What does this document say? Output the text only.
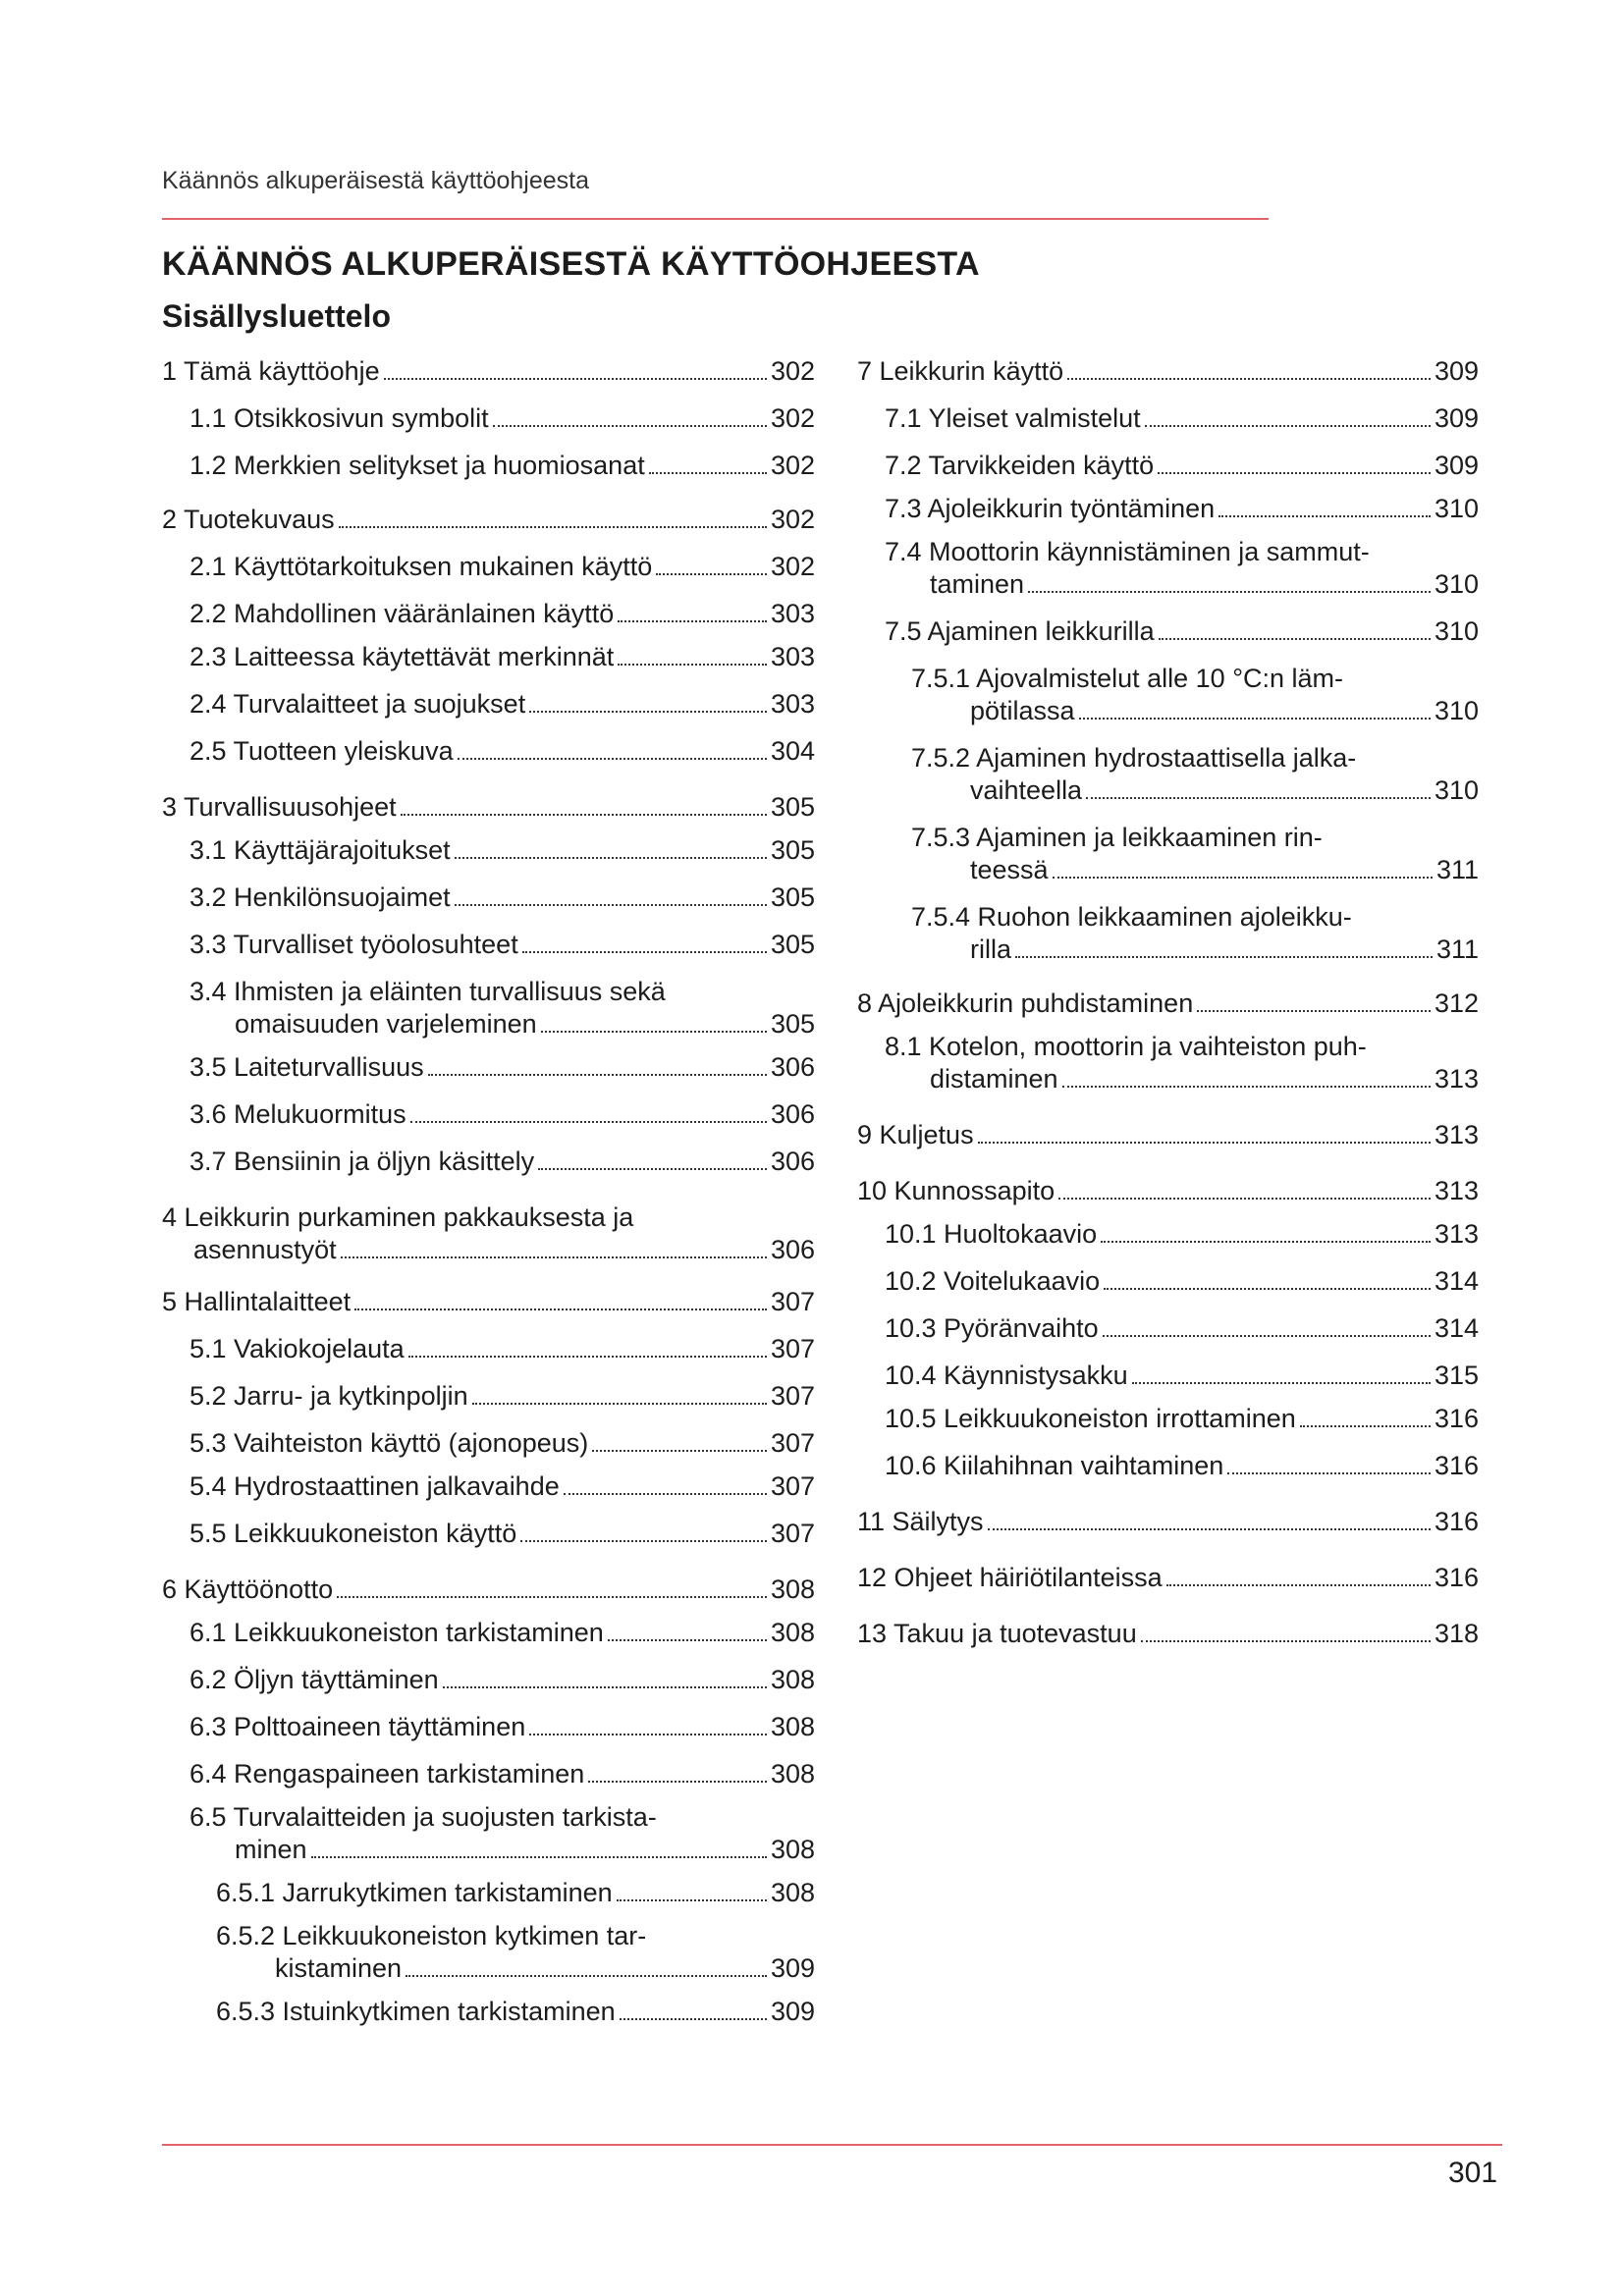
Käännös alkuperäisestä käyttöohjeesta
KÄÄNNÖS ALKUPERÄISESTÄ KÄYTTÖOHJEESTA
Sisällysluettelo
1 Tämä käyttöohje	302
1.1 Otsikkosivun symbolit	302
1.2 Merkkien selitykset ja huomiosanat	302
2 Tuotekuvaus	302
2.1 Käyttötarkoituksen mukainen käyttö	302
2.2 Mahdollinen vääränlainen käyttö	303
2.3 Laitteessa käytettävät merkinnät	303
2.4 Turvalaitteet ja suojukset	303
2.5 Tuotteen yleiskuva	304
3 Turvallisuusohjeet	305
3.1 Käyttäjärajoitukset	305
3.2 Henkilönsuojaimet	305
3.3 Turvalliset työolosuhteet	305
3.4 Ihmisten ja eläinten turvallisuus sekä
omaisuuden varjeleminen	305
3.5 Laiteturvallisuus	306
3.6 Melukuormitus	306
3.7 Bensiinin ja öljyn käsittely	306
4 Leikkurin purkaminen pakkauksesta ja
asennustyöt	306
5 Hallintalaitteet	307
5.1 Vakiokojelauta	307
5.2 Jarru- ja kytkinpoljin	307
5.3 Vaihteiston käyttö (ajonopeus)	307
5.4 Hydrostaattinen jalkavaihde	307
5.5 Leikkuukoneiston käyttö	307
6 Käyttöönotto	308
6.1 Leikkuukoneiston tarkistaminen	308
6.2 Öljyn täyttäminen	308
6.3 Polttoaineen täyttäminen	308
6.4 Rengaspaineen tarkistaminen	308
6.5 Turvalaitteiden ja suojusten tarkista-
minen	308
6.5.1 Jarrukytkimen tarkistaminen	308
6.5.2 Leikkuukoneiston kytkimen tar-
kistaminen	309
6.5.3 Istuinkytkimen tarkistaminen	309
7 Leikkurin käyttö	309
7.1 Yleiset valmistelut	309
7.2 Tarvikkeiden käyttö	309
7.3 Ajoleikkurin työntäminen	310
7.4 Moottorin käynnistäminen ja sammut-
taminen	310
7.5 Ajaminen leikkurilla	310
7.5.1 Ajovalmistelut alle 10 °C:n läm-
pötilassa	310
7.5.2 Ajaminen hydrostaattisella jalka-
vaihteella	310
7.5.3 Ajaminen ja leikkaaminen rin-
teessä	311
7.5.4 Ruohon leikkaaminen ajoleikku-
rilla	311
8 Ajoleikkurin puhdistaminen	312
8.1 Kotelon, moottorin ja vaihteiston puh-
distaminen	313
9 Kuljetus	313
10 Kunnossapito	313
10.1 Huoltokaavio	313
10.2 Voitelukaavio	314
10.3 Pyöränvaihto	314
10.4 Käynnistysakku	315
10.5 Leikkuukoneiston irrottaminen	316
10.6 Kiilahihnan vaihtaminen	316
11 Säilytys	316
12 Ohjeet häiriötilanteissa	316
13 Takuu ja tuotevastuu	318
301
